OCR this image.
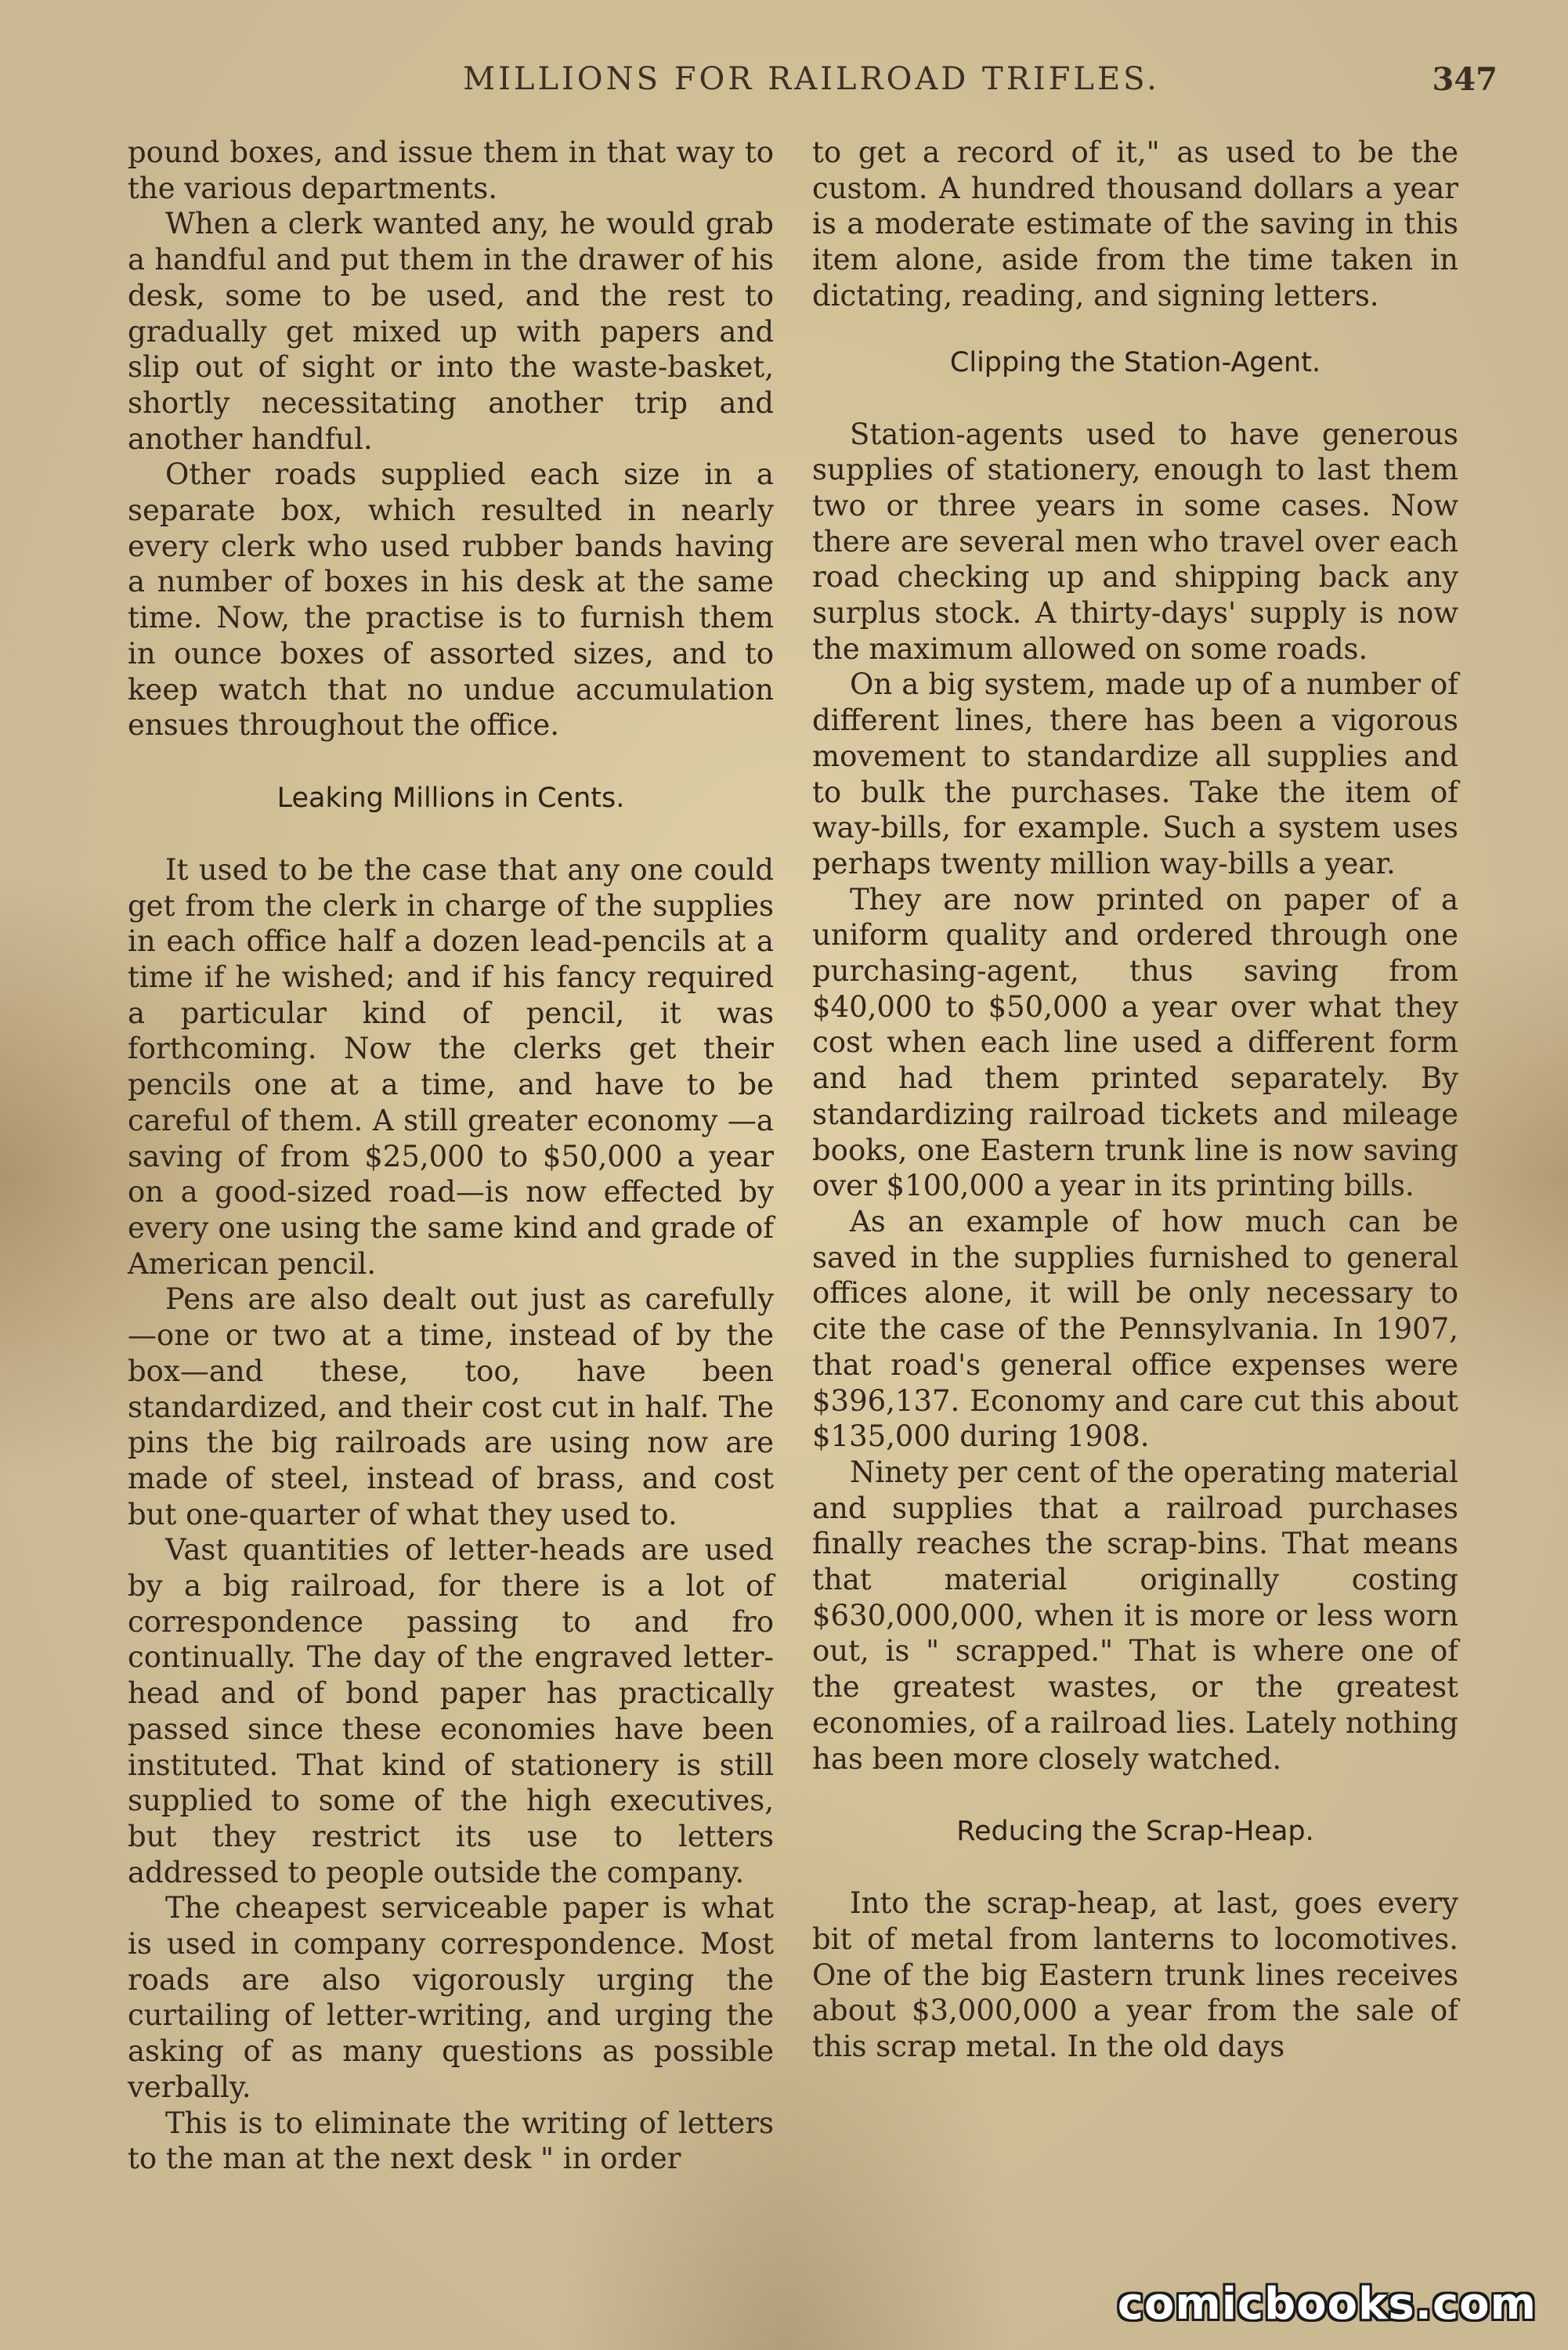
MILLIONS FOR RAILROAD TRIFLES.	347

pound boxes, and issue them in that way to the various departments.

When a clerk wanted any, he would grab a handful and put them in the drawer of his desk, some to be used, and the rest to gradually get mixed up with papers and slip out of sight or into the waste-basket, shortly necessitating another trip and another handful.

Other roads supplied each size in a separate box, which resulted in nearly every clerk who used rubber bands having a number of boxes in his desk at the same time. Now, the practise is to furnish them in ounce boxes of assorted sizes, and to keep watch that no undue accumulation ensues throughout the office.

Leaking Millions in Cents.

It used to be the case that any one could get from the clerk in charge of the supplies in each office half a dozen lead-pencils at a time if he wished; and if his fancy required a particular kind of pencil, it was forthcoming. Now the clerks get their pencils one at a time, and have to be careful of them. A still greater economy —a saving of from $25,000 to $50,000 a year on a good-sized road—is now effected by every one using the same kind and grade of American pencil.

Pens are also dealt out just as carefully —one or two at a time, instead of by the box—and these, too, have been standardized, and their cost cut in half. The pins the big railroads are using now are made of steel, instead of brass, and cost but one-quarter of what they used to.

Vast quantities of letter-heads are used by a big railroad, for there is a lot of correspondence passing to and fro continually. The day of the engraved letter-head and of bond paper has practically passed since these economies have been instituted. That kind of stationery is still supplied to some of the high executives, but they restrict its use to letters addressed to people outside the company.

The cheapest serviceable paper is what is used in company correspondence. Most roads are also vigorously urging the curtailing of letter-writing, and urging the asking of as many questions as possible verbally.

This is to eliminate the writing of letters to the man at the next desk " in order

to get a record of it," as used to be the custom. A hundred thousand dollars a year is a moderate estimate of the saving in this item alone, aside from the time taken in dictating, reading, and signing letters.

Clipping the Station-Agent.

Station-agents used to have generous supplies of stationery, enough to last them two or three years in some cases. Now there are several men who travel over each road checking up and shipping back any surplus stock. A thirty-days' supply is now the maximum allowed on some roads.

On a big system, made up of a number of different lines, there has been a vigorous movement to standardize all supplies and to bulk the purchases. Take the item of way-bills, for example. Such a system uses perhaps twenty million way-bills a year.

They are now printed on paper of a uniform quality and ordered through one purchasing-agent, thus saving from $40,000 to $50,000 a year over what they cost when each line used a different form and had them printed separately. By standardizing railroad tickets and mileage books, one Eastern trunk line is now saving over $100,000 a year in its printing bills.

As an example of how much can be saved in the supplies furnished to general offices alone, it will be only necessary to cite the case of the Pennsylvania. In 1907, that road's general office expenses were $396,137. Economy and care cut this about $135,000 during 1908.

Ninety per cent of the operating material and supplies that a railroad purchases finally reaches the scrap-bins. That means that material originally costing $630,000,000, when it is more or less worn out, is " scrapped." That is where one of the greatest wastes, or the greatest economies, of a railroad lies. Lately nothing has been more closely watched.

Reducing the Scrap-Heap.

Into the scrap-heap, at last, goes every bit of metal from lanterns to locomotives. One of the big Eastern trunk lines receives about $3,000,000 a year from the sale of this scrap metal. In the old days

comicbooks.com
